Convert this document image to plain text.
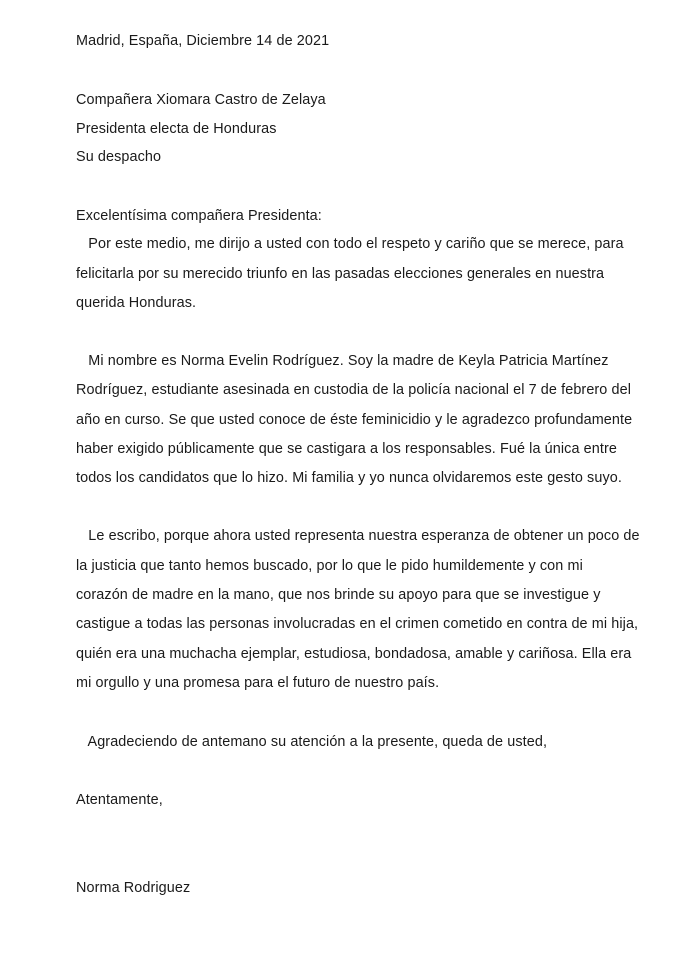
Madrid, España, Diciembre 14 de 2021
Compañera Xiomara Castro de Zelaya
Presidenta electa de Honduras
Su despacho
Excelentísima compañera Presidenta:
Por este medio, me dirijo a usted con todo el respeto y cariño que se merece, para
felicitarla por su merecido triunfo en las pasadas elecciones generales en nuestra
querida Honduras.
Mi nombre es Norma Evelin Rodríguez. Soy la madre de Keyla Patricia Martínez
Rodríguez, estudiante asesinada en custodia de la policía nacional el 7 de febrero del
año en curso. Se que usted conoce de éste feminicidio y le agradezco profundamente
haber exigido públicamente que se castigara a los responsables. Fué la única entre
todos los candidatos que lo hizo. Mi familia y yo nunca olvidaremos este gesto suyo.
Le escribo, porque ahora usted representa nuestra esperanza de obtener un poco de
la justicia que tanto hemos buscado, por lo que le pido humildemente y con mi
corazón de madre en la mano, que nos brinde su apoyo para que se investigue y
castigue a todas las personas involucradas en el crimen cometido en contra de mi hija,
quién era una muchacha ejemplar, estudiosa, bondadosa, amable y cariñosa. Ella era
mi orgullo y una promesa para el futuro de nuestro país.
Agradeciendo de antemano su atención a la presente, queda de usted,
Atentamente,
Norma Rodriguez
